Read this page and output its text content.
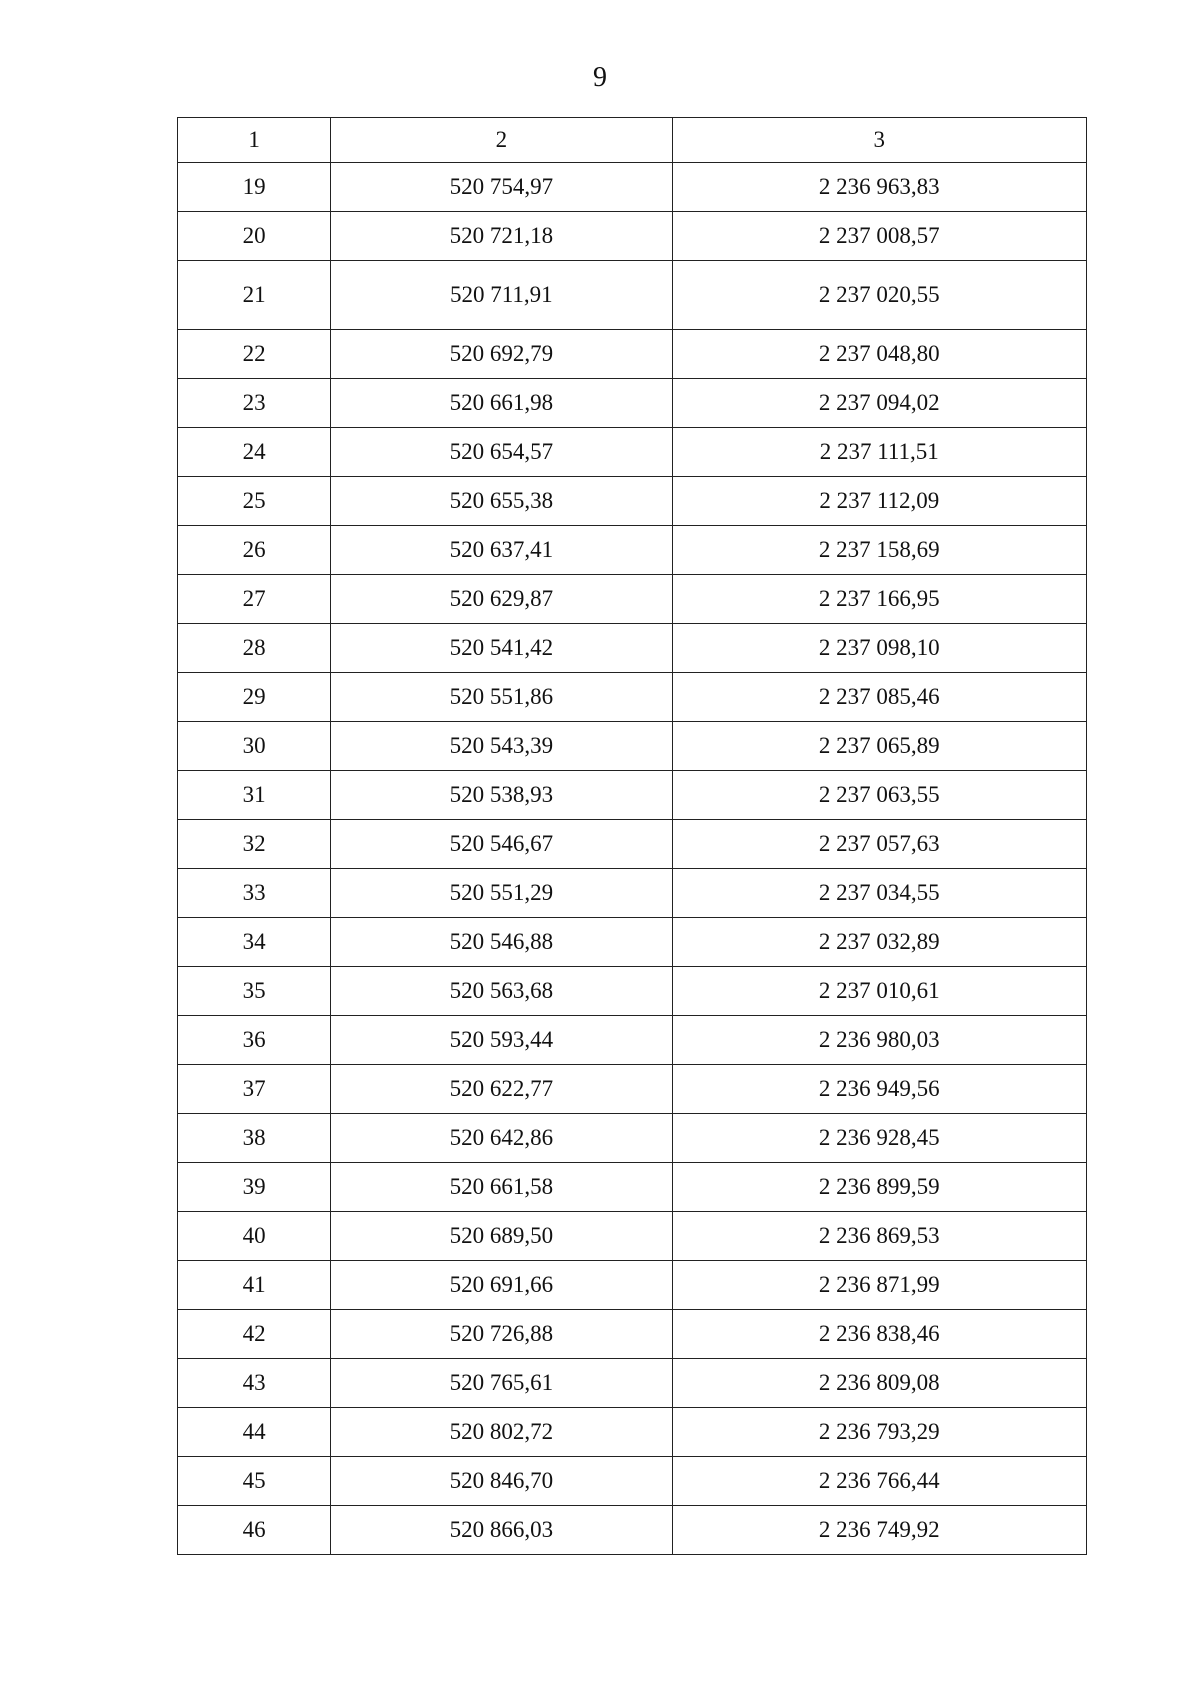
9
1	2	3
19	520 754,97	2 236 963,83
20	520 721,18	2 237 008,57
21	520 711,91	2 237 020,55
22	520 692,79	2 237 048,80
23	520 661,98	2 237 094,02
24	520 654,57	2 237 111,51
25	520 655,38	2 237 112,09
26	520 637,41	2 237 158,69
27	520 629,87	2 237 166,95
28	520 541,42	2 237 098,10
29	520 551,86	2 237 085,46
30	520 543,39	2 237 065,89
31	520 538,93	2 237 063,55
32	520 546,67	2 237 057,63
33	520 551,29	2 237 034,55
34	520 546,88	2 237 032,89
35	520 563,68	2 237 010,61
36	520 593,44	2 236 980,03
37	520 622,77	2 236 949,56
38	520 642,86	2 236 928,45
39	520 661,58	2 236 899,59
40	520 689,50	2 236 869,53
41	520 691,66	2 236 871,99
42	520 726,88	2 236 838,46
43	520 765,61	2 236 809,08
44	520 802,72	2 236 793,29
45	520 846,70	2 236 766,44
46	520 866,03	2 236 749,92
